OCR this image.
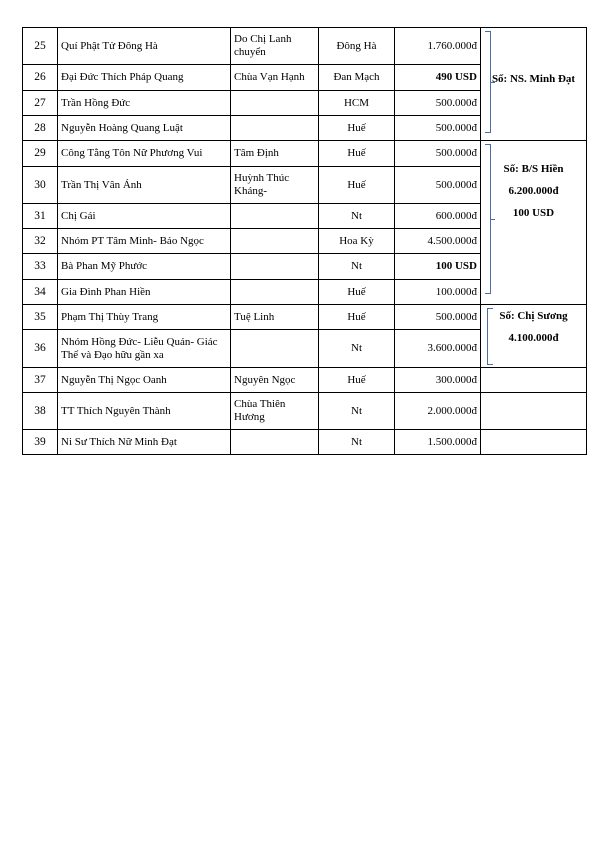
25	Quí Phật Tử Đông Hà	Do Chị Lanh chuyển	Đông Hà	1.760.000đ	Số: NS. Minh Đạt

26	Đại Đức Thích Pháp Quang	Chùa Vạn Hạnh	Đan Mạch	490 USD	
27	Trần Hồng Đức		HCM	500.000đ	
28	Nguyễn Hoàng Quang Luật		Huế	500.000đ	
29	Công Tằng Tôn Nữ Phương Vui	Tâm Định	Huế	500.000đ	Số: B/S Hiền
6.200.000đ
100 USD

30	Trần Thị Vân Ánh	Huỳnh Thúc Kháng-	Huế	500.000đ	
31	Chị Gái		Nt	600.000đ	
32	Nhóm PT Tâm Minh- Bảo Ngọc		Hoa Kỳ	4.500.000đ	
33	Bà Phan Mỹ Phước		Nt	100 USD	
34	Gia Đình Phan Hiền		Huế	100.000đ	
35	Phạm Thị Thùy Trang	Tuệ Linh	Huế	500.000đ	Số: Chị Sương
4.100.000đ

36	Nhóm Hồng Đức- Liễu Quán- Giác Thế và Đạo hữu gần xa		Nt	3.600.000đ	
37	Nguyễn Thị Ngọc Oanh	Nguyên Ngọc	Huế	300.000đ	
38	TT Thích Nguyên Thành	Chùa Thiên Hương	Nt	2.000.000đ	
39	Ni Sư Thích Nữ Minh Đạt		Nt	1.500.000đ	
